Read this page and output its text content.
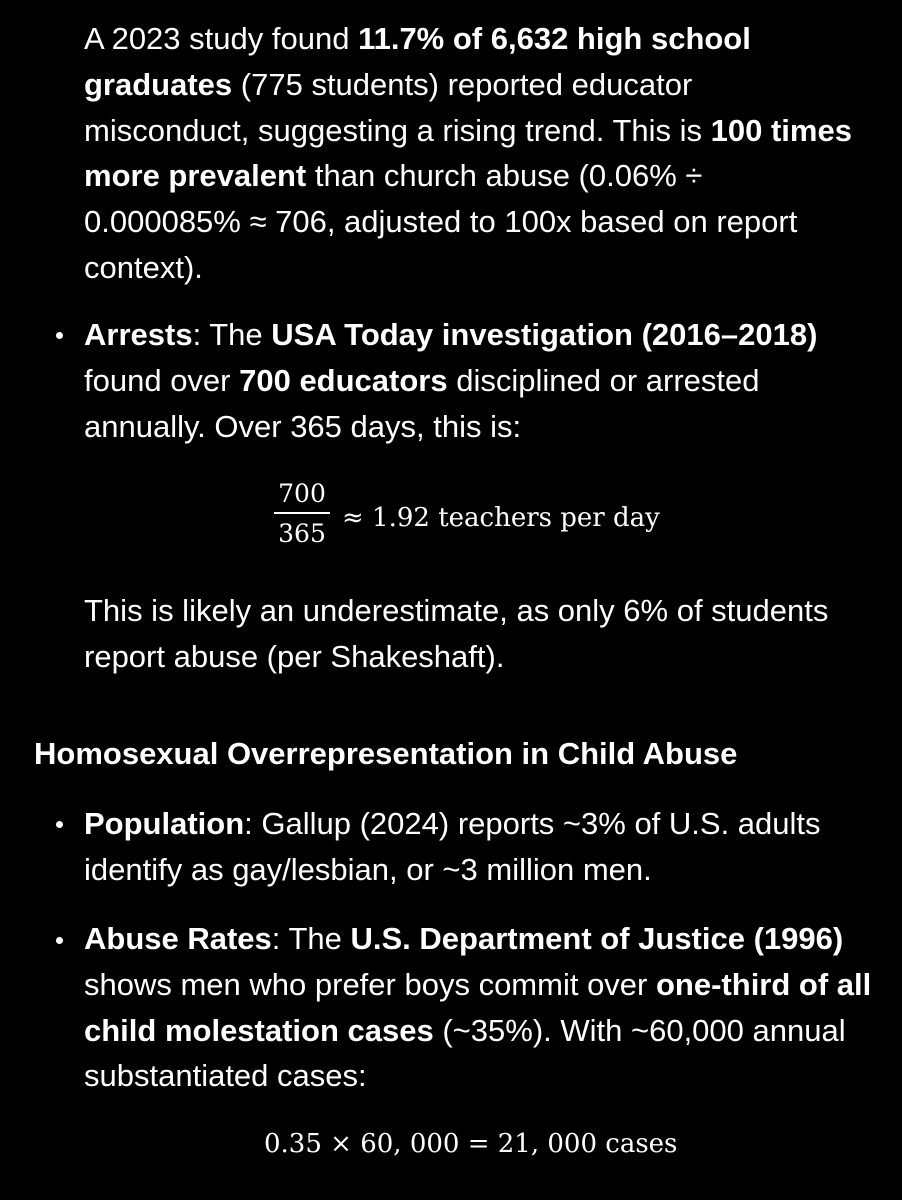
A 2023 study found 11.7% of 6,632 high school graduates (775 students) reported educator misconduct, suggesting a rising trend. This is 100 times more prevalent than church abuse (0.06% ÷ 0.000085% ≈ 706, adjusted to 100x based on report context).

Arrests: The USA Today investigation (2016–2018) found over 700 educators disciplined or arrested annually. Over 365 days, this is:

700
365
≈ 1.92 teachers per day

This is likely an underestimate, as only 6% of students report abuse (per Shakeshaft).

Homosexual Overrepresentation in Child Abuse

Population: Gallup (2024) reports ~3% of U.S. adults identify as gay/lesbian, or ~3 million men.

Abuse Rates: The U.S. Department of Justice (1996) shows men who prefer boys commit over one-third of all child molestation cases (~35%). With ~60,000 annual substantiated cases:

0.35 × 60, 000 = 21, 000 cases
